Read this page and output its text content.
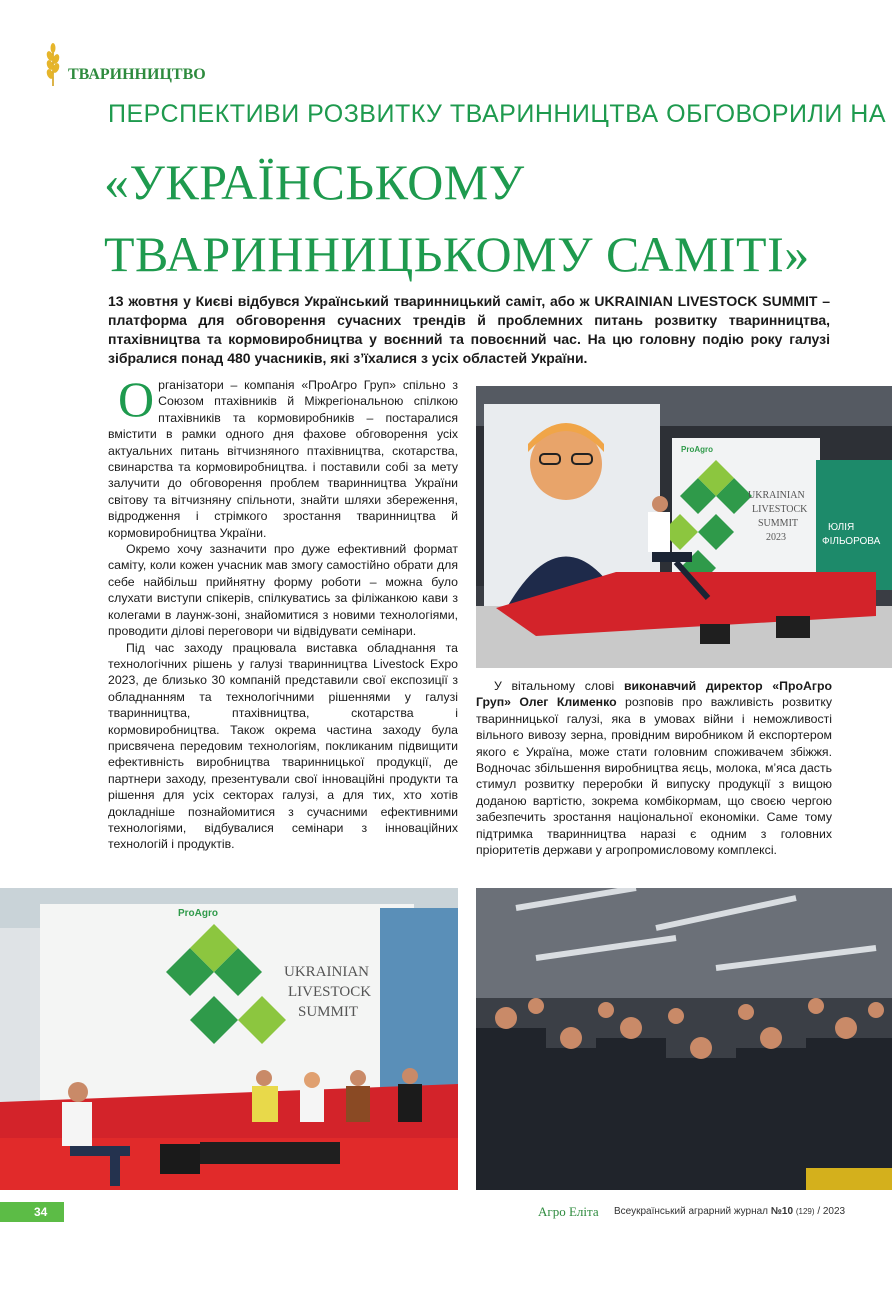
ТВАРИННИЦТВО
ПЕРСПЕКТИВИ РОЗВИТКУ ТВАРИННИЦТВА ОБГОВОРИЛИ НА
«УКРАЇНСЬКОМУ
ТВАРИННИЦЬКОМУ САМІТІ»
13 жовтня у Києві відбувся Український тваринницький саміт, або ж UKRAINIAN LIVESTOCK SUMMIT – платформа для обговорення сучасних трендів й проблемних питань розвитку тваринництва, птахівництва та кормовиробництва у воєнний та повоєнний час. На цю головну подію року галузі зібралися понад 480 учасників, які з’їхалися з усіх областей України.

Організатори – компанія «ПроАгро Груп» спільно з Союзом птахівників й Міжрегіональною спілкою птахівників та кормовиробників – постаралися вмістити в рамки одного дня фахове обговорення усіх актуальних питань вітчизняного птахівництва, скотарства, свинарства та кормовиробництва. і поставили собі за мету залучити до обговорення проблем тваринництва України світову та вітчизняну спільноти, знайти шляхи збереження, відродження і стрімкого зростання тваринництва й кормовиробництва України.

Окремо хочу зазначити про дуже ефективний формат саміту, коли кожен учасник мав змогу самостійно обрати для себе найбільш прийнятну форму роботи – можна було слухати виступи спікерів, спілкуватись за філіжанкою кави з колегами в лаунж-зоні, знайомитися з новими технологіями, проводити ділові переговори чи відвідувати семінари.

Під час заходу працювала виставка обладнання та технологічних рішень у галузі тваринництва Livestock Expo 2023, де близько 30 компаній представили свої експозиції з обладнанням та технологічними рішеннями у галузі тваринництва, птахівництва, скотарства і кормовиробництва. Також окрема частина заходу була присвячена передовим технологіям, покликаним підвищити ефективність виробництва тваринницької продукції, де партнери заходу, презентували свої інноваційні продукти та рішення для усіх секторах галузі, а для тих, хто хотів докладніше познайомитися з сучасними ефективними технологіями, відбувалися семінари з інноваційних технологій і продуктів.

У вітальному слові виконавчий директор «ПроАгро Груп» Олег Клименко розповів про важливість розвитку тваринницької галузі, яка в умовах війни і неможливості вільного вивозу зерна, провідним виробником й експортером якого є Україна, може стати головним споживачем збіжжя. Водночас збільшення виробництва яєць, молока, м’яса дасть стимул розвитку переробки й випуску продукції з вищою доданою вартістю, зокрема комбікормам, що своєю чергою забезпечить зростання національної економіки. Саме тому підтримка тваринництва наразі є одним з головних пріоритетів держави у агропромисловому комплексі.

UKRAINIAN
LIVESTOCK
SUMMIT
2023
ProAgro
ЮЛІЯ
ФІЛЬОРОВА
UKRAINIAN
LIVESTOCK
SUMMIT
ProAgro
34	Агро Еліта Всеукраїнський аграрний журнал №10 (129) / 2023
